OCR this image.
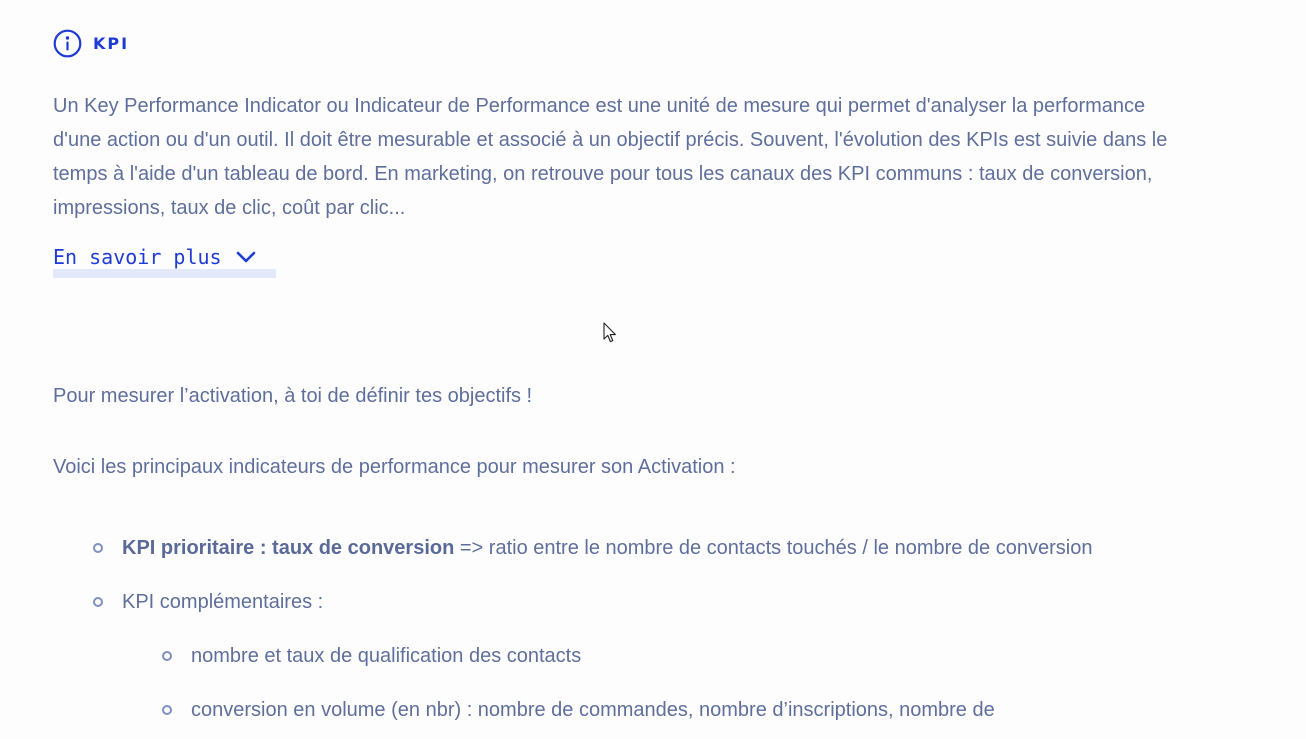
KPI

Un Key Performance Indicator ou Indicateur de Performance est une unité de mesure qui permet d'analyser la performance d'une action ou d'un outil. Il doit être mesurable et associé à un objectif précis. Souvent, l'évolution des KPIs est suivie dans le temps à l'aide d'un tableau de bord. En marketing, on retrouve pour tous les canaux des KPI communs : taux de conversion, impressions, taux de clic, coût par clic...

En savoir plus

Pour mesurer l’activation, à toi de définir tes objectifs !

Voici les principaux indicateurs de performance pour mesurer son Activation :

KPI prioritaire : taux de conversion => ratio entre le nombre de contacts touchés / le nombre de conversion

KPI complémentaires :

nombre et taux de qualification des contacts

conversion en volume (en nbr) : nombre de commandes, nombre d’inscriptions, nombre de
